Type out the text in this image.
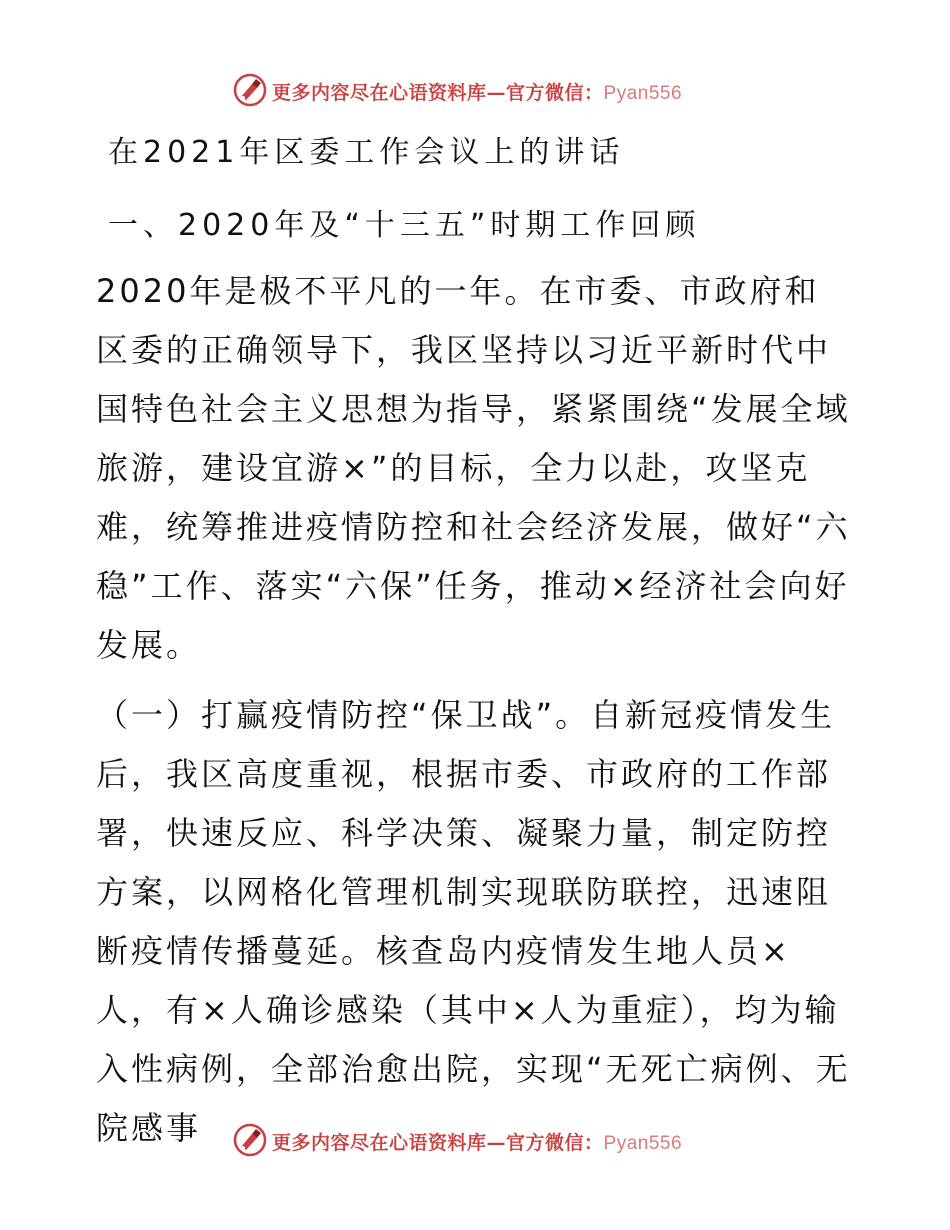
更多内容尽在心语资料库—官方微信：Pyan556
在2021年区委工作会议上的讲话
一、2020年及“十三五”时期工作回顾

2020年是极不平凡的一年。在市委、市政府和区委的正确领导下，我区坚持以习近平新时代中国特色社会主义思想为指导，紧紧围绕“发展全域旅游，建设宜游×”的目标，全力以赴，攻坚克难，统筹推进疫情防控和社会经济发展，做好“六稳”工作、落实“六保”任务，推动×经济社会向好发展。

（一）打赢疫情防控“保卫战”。自新冠疫情发生后，我区高度重视，根据市委、市政府的工作部署，快速反应、科学决策、凝聚力量，制定防控方案，以网格化管理机制实现联防联控，迅速阻断疫情传播蔓延。核查岛内疫情发生地人员×人，有×人确诊感染（其中×人为重症），均为输入性病例，全部治愈出院，实现“无死亡病例、无院感事	更多内容尽在心语资料库—官方微信：Pyan556
